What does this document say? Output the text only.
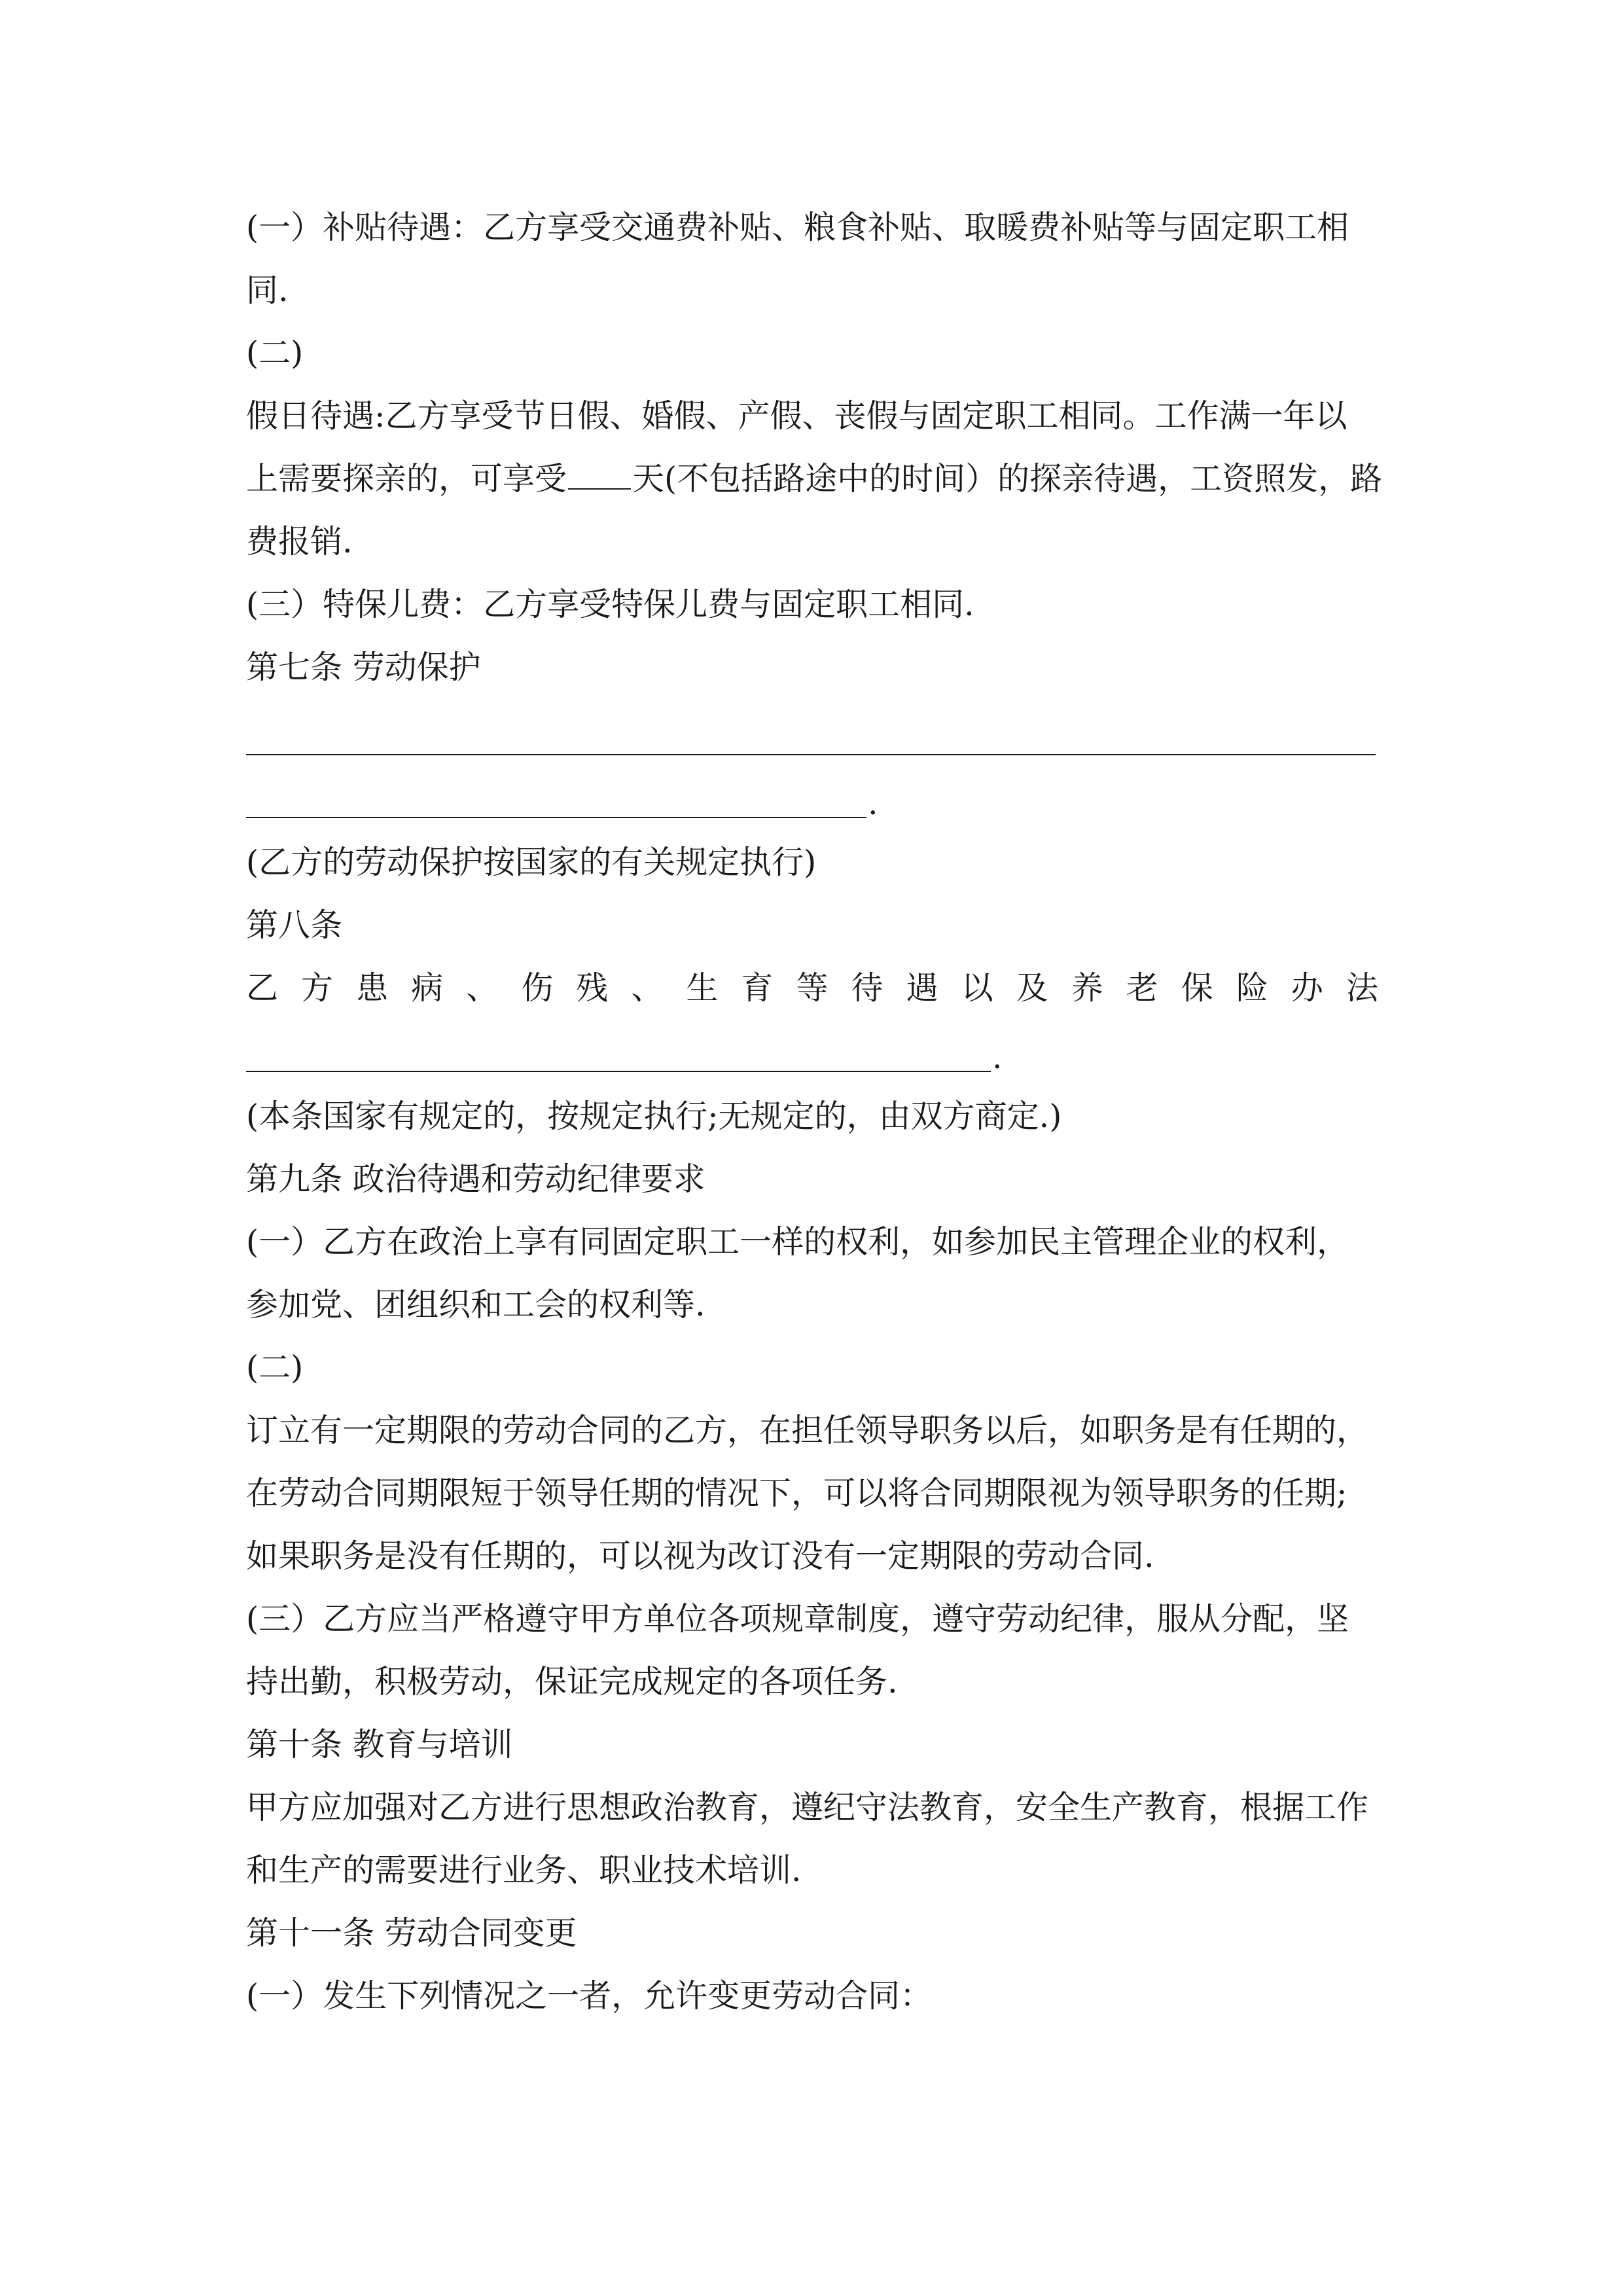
(一）补贴待遇：乙方享受交通费补贴、粮食补贴、取暖费补贴等与固定职工相
同.
(二)
假日待遇:乙方享受节日假、婚假、产假、丧假与固定职工相同。工作满一年以
上需要探亲的，可享受 天(不包括路途中的时间）的探亲待遇，工资照发，路
费报销.
(三）特保儿费：乙方享受特保儿费与固定职工相同.
第七条 劳动保护
.
(乙方的劳动保护按国家的有关规定执行)
第八条
乙 方 患 病 、 伤 残 、 生 育 等 待 遇 以 及 养 老 保 险 办 法
.
(本条国家有规定的，按规定执行;无规定的，由双方商定.)
第九条 政治待遇和劳动纪律要求
(一）乙方在政治上享有同固定职工一样的权利，如参加民主管理企业的权利，
参加党、团组织和工会的权利等.
(二)
订立有一定期限的劳动合同的乙方，在担任领导职务以后，如职务是有任期的，
在劳动合同期限短于领导任期的情况下，可以将合同期限视为领导职务的任期;
如果职务是没有任期的，可以视为改订没有一定期限的劳动合同.
(三）乙方应当严格遵守甲方单位各项规章制度，遵守劳动纪律，服从分配，坚
持出勤，积极劳动，保证完成规定的各项任务.
第十条 教育与培训
甲方应加强对乙方进行思想政治教育，遵纪守法教育，安全生产教育，根据工作
和生产的需要进行业务、职业技术培训.
第十一条 劳动合同变更
(一）发生下列情况之一者，允许变更劳动合同：
